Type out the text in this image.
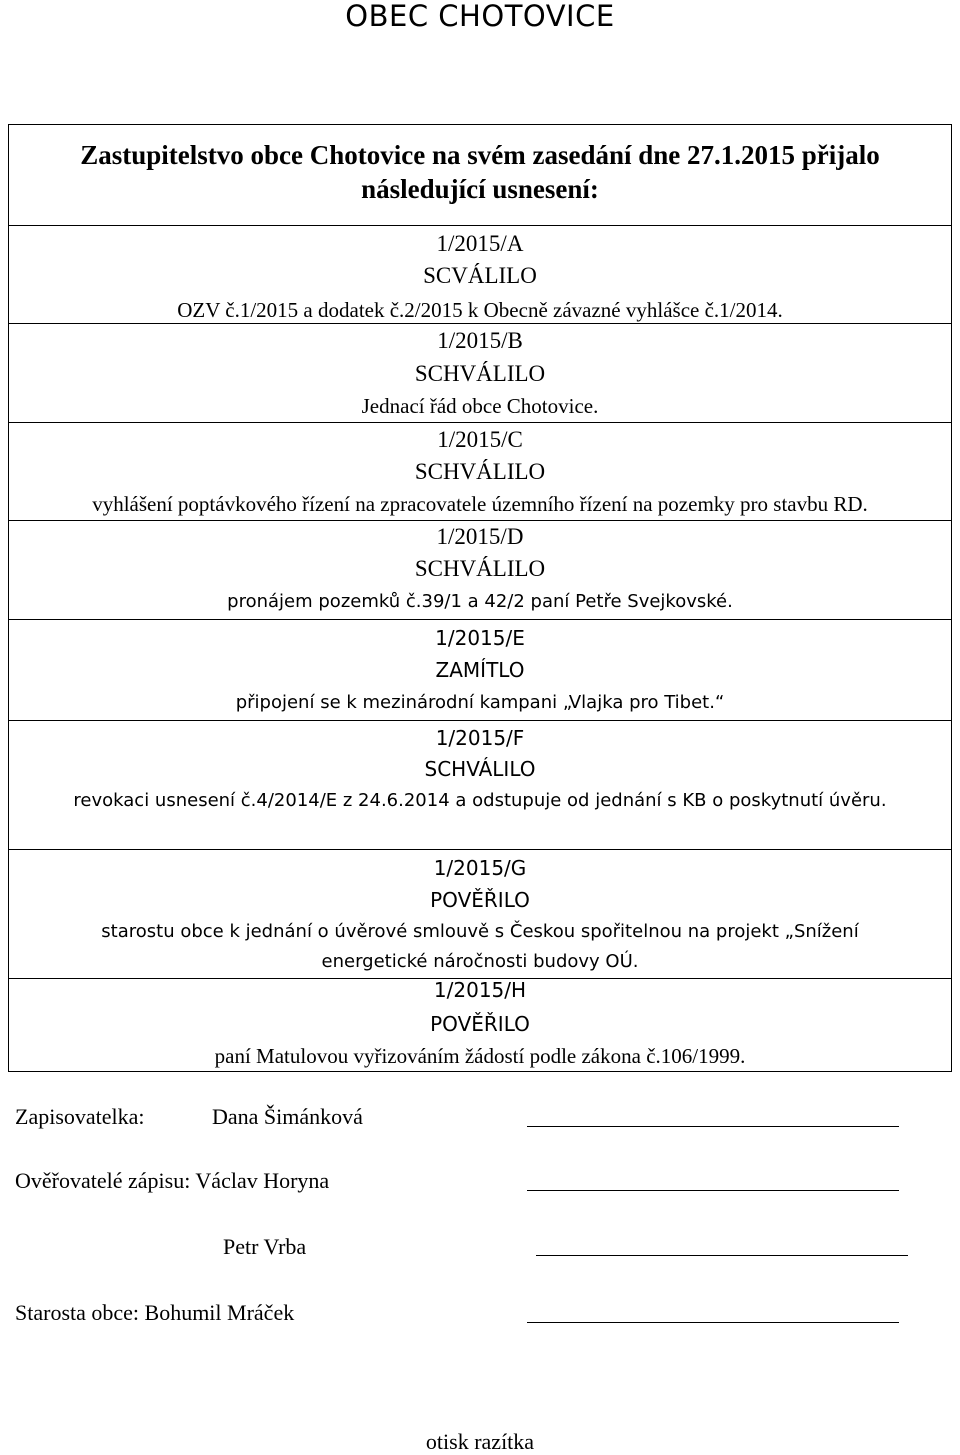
OBEC CHOTOVICE
Zastupitelstvo obce Chotovice na svém zasedání dne 27.1.2015 přijalo
následující usnesení:
1/2015/A
SCVÁLILO
OZV č.1/2015 a dodatek č.2/2015 k Obecně závazné vyhlášce č.1/2014.
1/2015/B
SCHVÁLILO
Jednací řád obce Chotovice.
1/2015/C
SCHVÁLILO
vyhlášení poptávkového řízení na zpracovatele územního řízení na pozemky pro stavbu RD.
1/2015/D
SCHVÁLILO
pronájem pozemků č.39/1 a 42/2 paní Petře Svejkovské.
1/2015/E
ZAMÍTLO
připojení se k mezinárodní kampani „Vlajka pro Tibet.“
1/2015/F
SCHVÁLILO
revokaci usnesení č.4/2014/E z 24.6.2014 a odstupuje od jednání s KB o poskytnutí úvěru.
1/2015/G
POVĚŘILO
starostu obce k jednání o úvěrové smlouvě s Českou spořitelnou na projekt „Snížení energetické náročnosti budovy OÚ.
1/2015/H
POVĚŘILO
paní Matulovou vyřizováním žádostí podle zákona č.106/1999.
Zapisovatelka:	Dana Šimánková
Ověřovatelé zápisu: Václav Horyna
Petr Vrba
Starosta obce: Bohumil Mráček
otisk razítka
